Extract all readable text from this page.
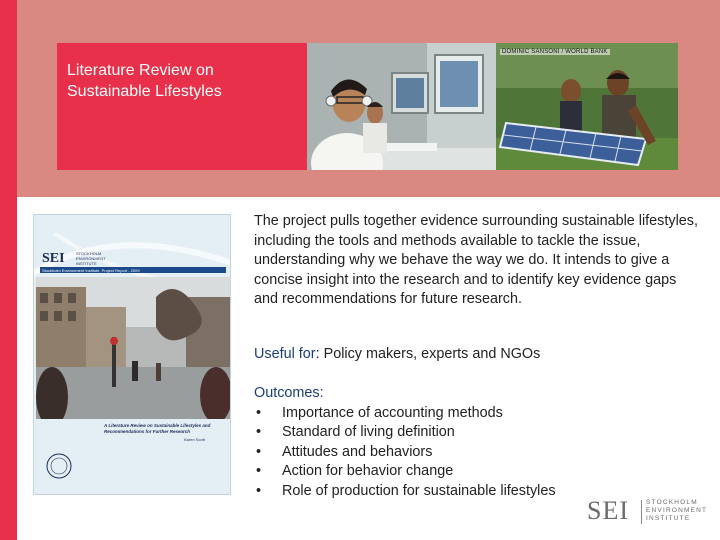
Literature Review on
Sustainable Lifestyles
DOMINIC SANSONI / WORLD BANK
SEI	STOCKHOLM ENVIRONMENT INSTITUTE
Stockholm Environment Institute, Project Report - 2009
A Literature Review on Sustainable Lifestyles and Recommendations for Further Research
Karen Scott
The project pulls together evidence surrounding sustainable lifestyles, including the tools and methods available to tackle the issue, understanding why we behave the way we do. It intends to give a concise insight into the research and to identify key evidence gaps and recommendations for future research.
Useful for: Policy makers, experts and NGOs
Outcomes:
• Importance of accounting methods
• Standard of living definition
• Attitudes and behaviors
• Action for behavior change
• Role of production for sustainable lifestyles
SEI	STOCKHOLM
ENVIRONMENT
INSTITUTE
